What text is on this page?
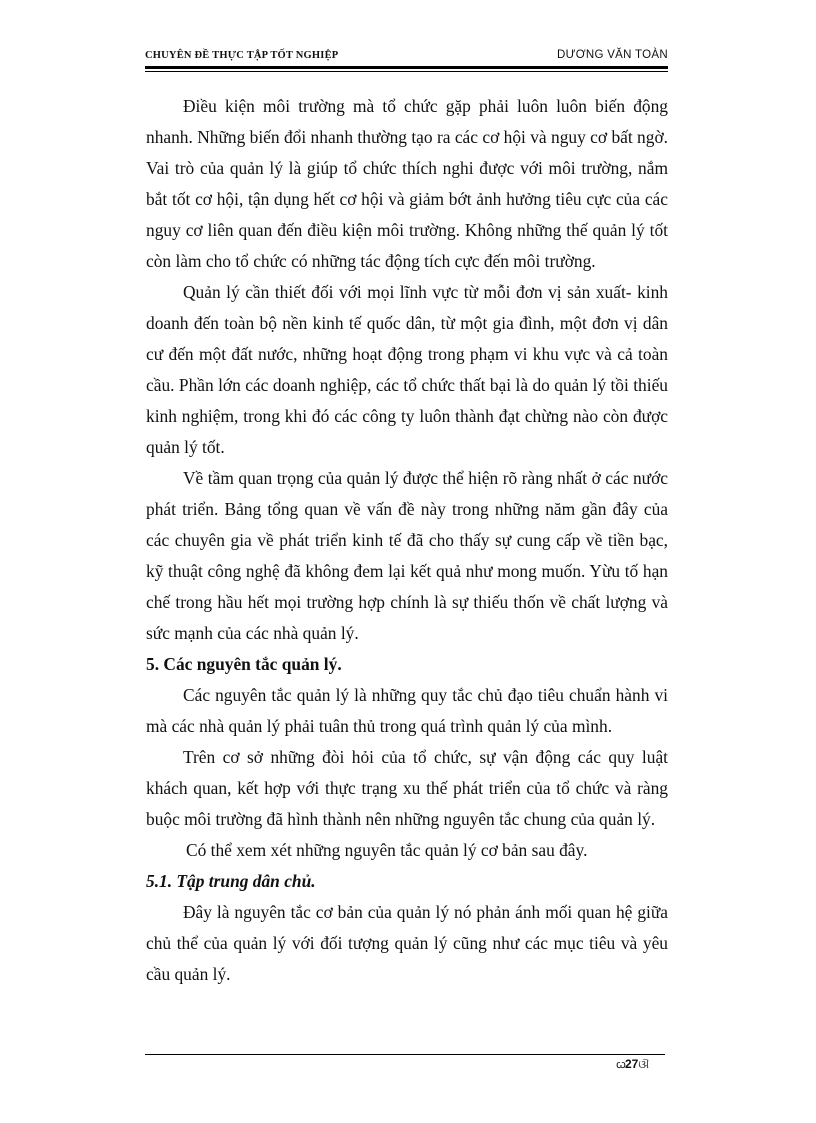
CHUYÊN ĐỀ THỰC TẬP TỐT NGHIỆP	DƯƠNG VĂN TOÀN

Điều kiện môi trường mà tổ chức gặp phải luôn luôn biến động nhanh. Những biến đổi nhanh thường tạo ra các cơ hội và nguy cơ bất ngờ. Vai trò của quản lý là giúp tổ chức thích nghi được với môi trường, nắm bắt tốt cơ hội, tận dụng hết cơ hội và giảm bớt ảnh hưởng tiêu cực của các nguy cơ liên quan đến điều kiện môi trường. Không những thế quản lý tốt còn làm cho tổ chức có những tác động tích cực đến môi trường.

Quản lý cần thiết đối với mọi lĩnh vực từ mỗi đơn vị sản xuất- kinh doanh đến toàn bộ nền kinh tế quốc dân, từ một gia đình, một đơn vị dân cư đến một đất nước, những hoạt động trong phạm vi khu vực và cả toàn cầu. Phần lớn các doanh nghiệp, các tổ chức thất bại là do quản lý tồi thiếu kinh nghiệm, trong khi đó các công ty luôn thành đạt chừng nào còn được quản lý tốt.

Về tầm quan trọng của quản lý được thể hiện rõ ràng nhất ở các nước phát triển. Bảng tổng quan về vấn đề này trong những năm gần đây của các chuyên gia về phát triển kinh tế đã cho thấy sự cung cấp về tiền bạc, kỹ thuật công nghệ đã không đem lại kết quả như mong muốn. Yừu tố hạn chế trong hầu hết mọi trường hợp chính là sự thiếu thốn về chất lượng và sức mạnh của các nhà quản lý.

5. Các nguyên tắc quản lý.

Các nguyên tắc quản lý là những quy tắc chủ đạo tiêu chuẩn hành vi mà các nhà quản lý phải tuân thủ trong quá trình quản lý của mình.

Trên cơ sở những đòi hỏi của tổ chức, sự vận động các quy luật khách quan, kết hợp với thực trạng xu thế phát triển của tổ chức và ràng buộc môi trường đã hình thành nên những nguyên tắc chung của quản lý.

Có thể xem xét những nguyên tắc quản lý cơ bản sau đây.

5.1. Tập trung dân chủ.

Đây là nguyên tắc cơ bản của quản lý nó phản ánh mối quan hệ giữa chủ thể của quản lý với đối tượng quản lý cũng như các mục tiêu và yêu cầu quản lý.

ꞷ27ଔ
